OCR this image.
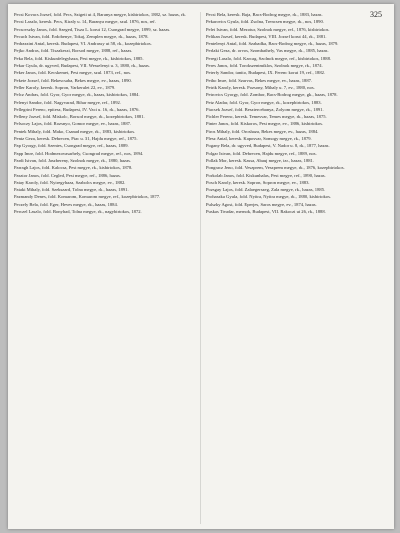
325

Pecsi Kovacs Jozsef, fold. Pecs, Szigeti ut 4, Baranya megye, kisbirtokos, 1882, sz. hazas, rk.

Pecsi Laszlo, keresk. Pecs, Kiraly u. 14, Baranya megye, szul. 1876, nos, ref.

Pecsovszky Janos, fold. Szeged, Tisza L. korut 12, Csongrad megye, 1899, sz. hazas.

Pecuch Istvan, fold. Erdobenye, Tokaj, Zemplen megye, rk., hazas, 1878.

Pedrazzini Antal, keresk. Budapest, VI. Andrassy ut 58, rk., kozepbirtokos.

Pejko Andras, fold. Tiszakeszi, Borsod megye, 1888, ref., hazas.

Peka Bela, fold. Kiskunfelegyhaza, Pest megye, rk., kisbirtokos, 1885.

Pekar Gyula, dr. ugyved, Budapest, VII. Wesselenyi u. 3, 1880, rk., hazas.

Peker Janos, fold. Kecskemet, Pest megye, szul. 1873, ref., nos.

Pekete Jozsef, fold. Bekescsaba, Bekes megye, ev., hazas, 1890.

Peller Karoly, keresk. Sopron, Varkerulet 22, ev., 1879.

Pelcz Andras, fold. Gyor, Gyor megye, rk., hazas, kisbirtokos, 1884.

Pelenyi Sandor, fold. Nagyvarad, Bihar megye, ref., 1892.

Pellegrini Ferenc, epitesz, Budapest, IV. Vaci u. 16, rk., hazas, 1876.

Pelleny Jozsef, fold. Miskolc, Borsod megye, rk., kozepbirtokos, 1881.

Pelsoczy Lajos, fold. Rozsnyo, Gomor megye, ev., hazas, 1887.

Pentek Mihaly, fold. Mako, Csanad megye, rk., 1883, kisbirtokos.

Pentz Geza, keresk. Debrecen, Piac u. 31, Hajdu megye, ref., 1875.

Pap Gyorgy, fold. Szentes, Csongrad megye, ref., hazas, 1889.

Papp Imre, fold. Hodmezovasarhely, Csongrad megye, ref., nos, 1894.

Pardi Istvan, fold. Jaszbereny, Szolnok megye, rk., 1880, hazas.

Parragh Lajos, fold. Kalocsa, Pest megye, rk., kisbirtokos, 1878.

Pasztor Janos, fold. Cegled, Pest megye, ref., 1886, hazas.

Patay Karoly, fold. Nyiregyhaza, Szabolcs megye, ev., 1882.

Pataki Mihaly, fold. Szekszard, Tolna megye, rk., hazas, 1891.

Pazmandy Denes, fold. Komarom, Komarom megye, ref., kozepbirtokos, 1877.

Peczely Bela, fold. Eger, Heves megye, rk., hazas, 1884.

Perczel Laszlo, fold. Bonyhad, Tolna megye, rk., nagybirtokos, 1872.

Pecsi Bela, keresk. Baja, Bacs-Bodrog megye, rk., 1883, hazas.

Pekarovics Gyula, fold. Zsolna, Trencsen megye, rk., nos, 1890.

Pelei Istvan, fold. Mezotur, Szolnok megye, ref., 1876, kisbirtokos.

Pelikan Jozsef, keresk. Budapest, VIII. Jozsef korut 44, rk., 1881.

Pentelenyi Antal, fold. Szabadka, Bacs-Bodrog megye, rk., hazas, 1879.

Perlaki Geza, dr. orvos, Szombathely, Vas megye, rk., 1885, hazas.

Peregi Laszlo, fold. Karcag, Szolnok megye, ref., kisbirtokos, 1888.

Peres Janos, fold. Torokszentmiklos, Szolnok megye, rk., 1874.

Peterfy Sandor, tanito, Budapest, IX. Ferenc korut 19, ref., 1882.

Petho Imre, fold. Szarvas, Bekes megye, ev., hazas, 1887.

Petrik Karoly, keresk. Pozsony, Mihaly u. 7, ev., 1880, nos.

Petrovics Gyorgy, fold. Zombor, Bacs-Bodrog megye, gk., hazas, 1878.

Petz Aladar, fold. Gyor, Gyor megye, rk., kozepbirtokos, 1883.

Piacsek Jozsef, fold. Besztercebanya, Zolyom megye, rk., 1891.

Pichler Ferenc, keresk. Temesvar, Temes megye, rk., hazas, 1875.

Pinter Janos, fold. Kiskoros, Pest megye, ev., 1886, kisbirtokos.

Piros Mihaly, fold. Oroshaza, Bekes megye, ev., hazas, 1884.

Plesz Antal, keresk. Kaposvar, Somogy megye, rk., 1879.

Pogany Bela, dr. ugyved, Budapest, V. Nador u. 8, rk., 1877, hazas.

Polgar Istvan, fold. Debrecen, Hajdu megye, ref., 1889, nos.

Pollak Mor, keresk. Kassa, Abauj megye, izr., hazas, 1881.

Pongracz Jeno, fold. Veszprem, Veszprem megye, rk., 1876, kozepbirtokos.

Porkolab Janos, fold. Kiskunhalas, Pest megye, ref., 1890, hazas.

Posch Karoly, keresk. Sopron, Sopron megye, ev., 1883.

Pozsgay Lajos, fold. Zalaegerszeg, Zala megye, rk., hazas, 1885.

Prohaszka Gyula, fold. Nyitra, Nyitra megye, rk., 1880, kisbirtokos.

Pulszky Agost, fold. Eperjes, Saros megye, ev., 1874, hazas.

Puskas Tivadar, mernok, Budapest, VII. Rakoczi ut 26, rk., 1888.
